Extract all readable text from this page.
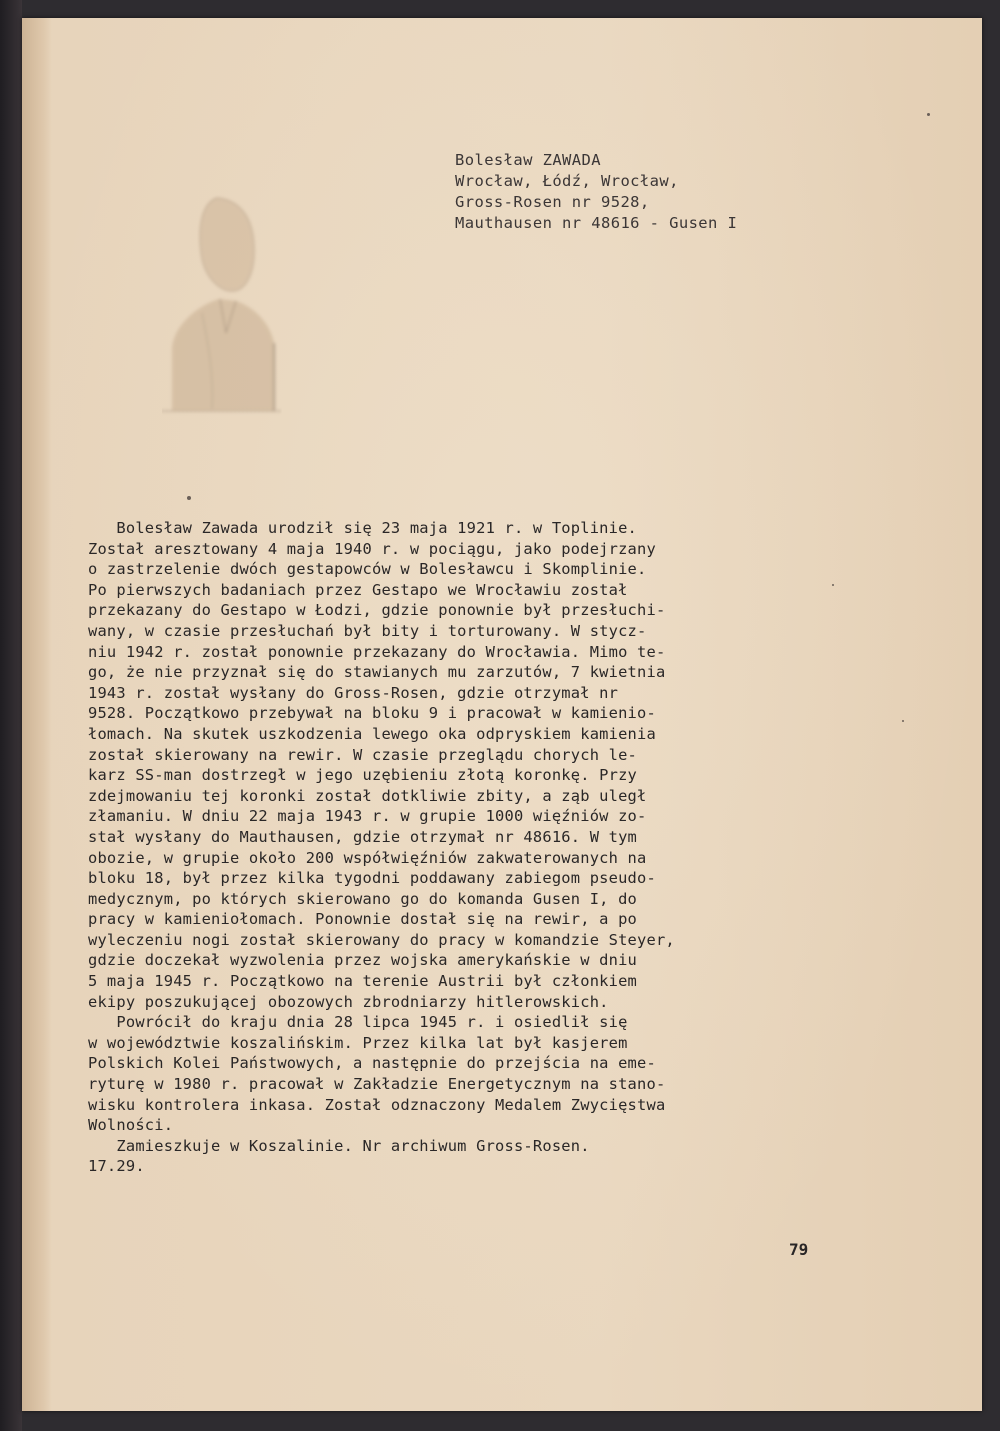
Bolesław ZAWADA
Wrocław, Łódź, Wrocław,
Gross-Rosen nr 9528,
Mauthausen nr 48616 - Gusen I
Bolesław Zawada urodził się 23 maja 1921 r. w Toplinie.
Został aresztowany 4 maja 1940 r. w pociągu, jako podejrzany
o zastrzelenie dwóch gestapowców w Bolesławcu i Skomplinie.
Po pierwszych badaniach przez Gestapo we Wrocławiu został
przekazany do Gestapo w Łodzi, gdzie ponownie był przesłuchi-
wany, w czasie przesłuchań był bity i torturowany. W stycz-
niu 1942 r. został ponownie przekazany do Wrocławia. Mimo te-
go, że nie przyznał się do stawianych mu zarzutów, 7 kwietnia
1943 r. został wysłany do Gross-Rosen, gdzie otrzymał nr
9528. Początkowo przebywał na bloku 9 i pracował w kamienio-
łomach. Na skutek uszkodzenia lewego oka odpryskiem kamienia
został skierowany na rewir. W czasie przeglądu chorych le-
karz SS-man dostrzegł w jego uzębieniu złotą koronkę. Przy
zdejmowaniu tej koronki został dotkliwie zbity, a ząb uległ
złamaniu. W dniu 22 maja 1943 r. w grupie 1000 więźniów zo-
stał wysłany do Mauthausen, gdzie otrzymał nr 48616. W tym
obozie, w grupie około 200 współwięźniów zakwaterowanych na
bloku 18, był przez kilka tygodni poddawany zabiegom pseudo-
medycznym, po których skierowano go do komanda Gusen I, do
pracy w kamieniołomach. Ponownie dostał się na rewir, a po
wyleczeniu nogi został skierowany do pracy w komandzie Steyer,
gdzie doczekał wyzwolenia przez wojska amerykańskie w dniu
5 maja 1945 r. Początkowo na terenie Austrii był członkiem
ekipy poszukującej obozowych zbrodniarzy hitlerowskich.
Powrócił do kraju dnia 28 lipca 1945 r. i osiedlił się
w województwie koszalińskim. Przez kilka lat był kasjerem
Polskich Kolei Państwowych, a następnie do przejścia na eme-
ryturę w 1980 r. pracował w Zakładzie Energetycznym na stano-
wisku kontrolera inkasa. Został odznaczony Medalem Zwycięstwa
Wolności.
Zamieszkuje w Koszalinie. Nr archiwum Gross-Rosen.
17.29.
79
